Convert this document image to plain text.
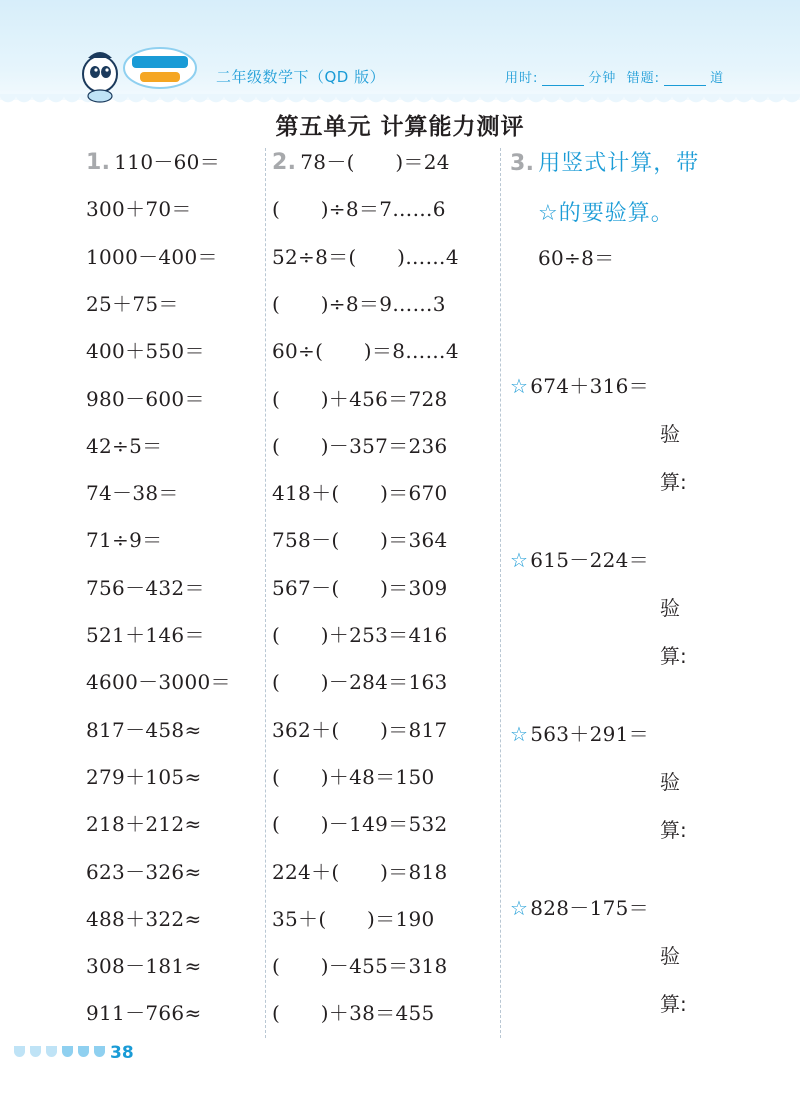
二年级数学下（QD 版）	用时:	分钟 错题:	道
第五单元 计算能力测评
1. 110－60＝
300＋70＝
1000－400＝
25＋75＝
400＋550＝
980－600＝
42÷5＝
74－38＝
71÷9＝
756－432＝
521＋146＝
4600－3000＝
817－458≈
279＋105≈
218＋212≈
623－326≈
488＋322≈
308－181≈
911－766≈
2. 78－(　　)＝24
(　　)÷8＝7……6
52÷8＝(　　)……4
(　　)÷8＝9……3
60÷(　　)＝8……4
(　　)＋456＝728
(　　)－357＝236
418＋(　　)＝670
758－(　　)＝364
567－(　　)＝309
(　　)＋253＝416
(　　)－284＝163
362＋(　　)＝817
(　　)＋48＝150
(　　)－149＝532
224＋(　　)＝818
35＋(　　)＝190
(　　)－455＝318
(　　)＋38＝455
3. 用竖式计算，带
☆的要验算。
60÷8＝
☆ 674＋316＝
验
算:
☆ 615－224＝
验
算:
☆ 563＋291＝
验
算:
☆ 828－175＝
验
算:
38
